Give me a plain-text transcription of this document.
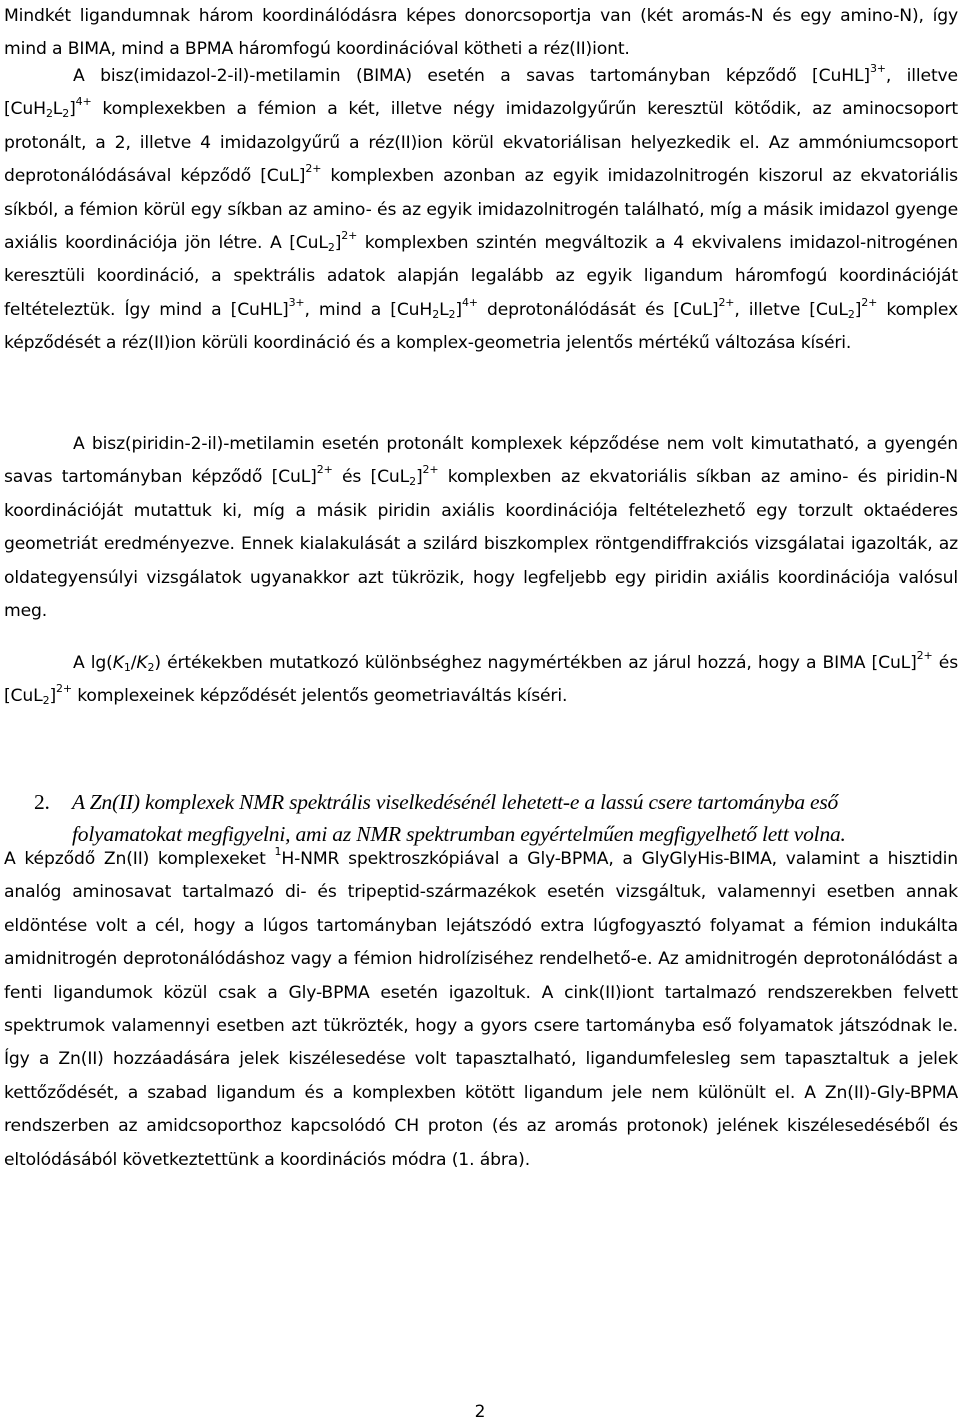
Mindkét ligandumnak három koordinálódásra képes donorcsoportja van (két aromás-N és egy amino-N), így mind a BIMA, mind a BPMA háromfogú koordinációval kötheti a réz(II)iont.

A bisz(imidazol-2-il)-metilamin (BIMA) esetén a savas tartományban képződő [CuHL]$^{3+}$, illetve $[CuH_2L_2]^{4+}$ komplexekben a fémion a két, illetve négy imidazolgyűrűn keresztül kötődik, az aminocsoport protonált, a 2, illetve 4 imidazolgyűrű a réz(II)ion körül ekvatoriálisan helyezkedik el. Az ammóniumcsoport deprotonálódásával képződő [CuL]$^{2+}$ komplexben azonban az egyik imidazolnitrogén kiszorul az ekvatoriális síkból, a fémion körül egy síkban az amino- és az egyik imidazolnitrogén található, míg a másik imidazol gyenge axiális koordinációja jön létre. A $[CuL_2]^{2+}$ komplexben szintén megváltozik a 4 ekvivalens imidazol-nitrogénen keresztüli koordináció, a spektrális adatok alapján legalább az egyik ligandum háromfogú koordinációját feltételeztük. Így mind a [CuHL]$^{3+}$, mind a $[CuH_2L_2]^{4+}$ deprotonálódását és [CuL]$^{2+}$, illetve $[CuL_2]^{2+}$ komplex képződését a réz(II)ion körüli koordináció és a komplex-geometria jelentős mértékű változása kíséri.

A bisz(piridin-2-il)-metilamin esetén protonált komplexek képződése nem volt kimutatható, a gyengén savas tartományban képződő [CuL]$^{2+}$ és $[CuL_2]^{2+}$ komplexben az ekvatoriális síkban az amino- és piridin-N koordinációját mutattuk ki, míg a másik piridin axiális koordinációja feltételezhető egy torzult oktaéderes geometriát eredményezve. Ennek kialakulását a szilárd biszkomplex röntgendiffrakciós vizsgálatai igazolták, az oldategyensúlyi vizsgálatok ugyanakkor azt tükrözik, hogy legfeljebb egy piridin axiális koordinációja valósul meg.

A $\lg(K_1/K_2)$ értékekben mutatkozó különbséghez nagymértékben az járul hozzá, hogy a BIMA [CuL]$^{2+}$ és $[CuL_2]^{2+}$ komplexeinek képződését jelentős geometriaváltás kíséri.

2. A Zn(II) komplexek NMR spektrális viselkedésénél lehetett-e a lassú csere tartományba eső
folyamatokat megfigyelni, ami az NMR spektrumban egyértelműen megfigyelhető lett volna.

A képződő Zn(II) komplexeket $^1$H-NMR spektroszkópiával a Gly-BPMA, a GlyGlyHis-BIMA, valamint a hisztidin analóg aminosavat tartalmazó di- és tripeptid-származékok esetén vizsgáltuk, valamennyi esetben annak eldöntése volt a cél, hogy a lúgos tartományban lejátszódó extra lúgfogyasztó folyamat a fémion indukálta amidnitrogén deprotonálódáshoz vagy a fémion hidrolíziséhez rendelhető-e. Az amidnitrogén deprotonálódást a fenti ligandumok közül csak a Gly-BPMA esetén igazoltuk. A cink(II)iont tartalmazó rendszerekben felvett spektrumok valamennyi esetben azt tükrözték, hogy a gyors csere tartományba eső folyamatok játszódnak le. Így a Zn(II) hozzáadására jelek kiszélesedése volt tapasztalható, ligandumfelesleg sem tapasztaltuk a jelek kettőződését, a szabad ligandum és a komplexben kötött ligandum jele nem különült el. A Zn(II)-Gly-BPMA rendszerben az amidcsoporthoz kapcsolódó CH proton (és az aromás protonok) jelének kiszélesedéséből és eltolódásából következtettünk a koordinációs módra (1. ábra).

2
